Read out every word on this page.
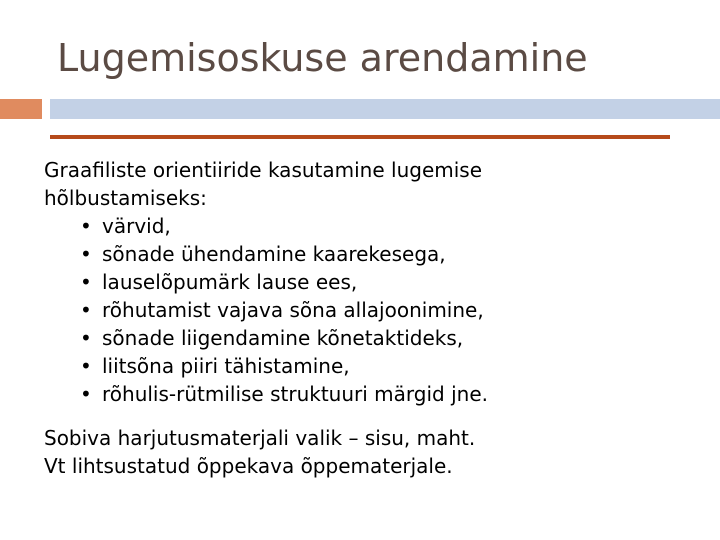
Lugemisoskuse arendamine

Graafiliste orientiiride kasutamine lugemise

hõlbustamiseks:

• värvid,
• sõnade ühendamine kaarekesega,
• lauselõpumärk lause ees,
• rõhutamist vajava sõna allajoonimine,
• sõnade liigendamine kõnetaktideks,
• liitsõna piiri tähistamine,
• rõhulis-rütmilise struktuuri märgid jne.

Sobiva harjutusmaterjali valik – sisu, maht.

Vt lihtsustatud õppekava õppematerjale.
